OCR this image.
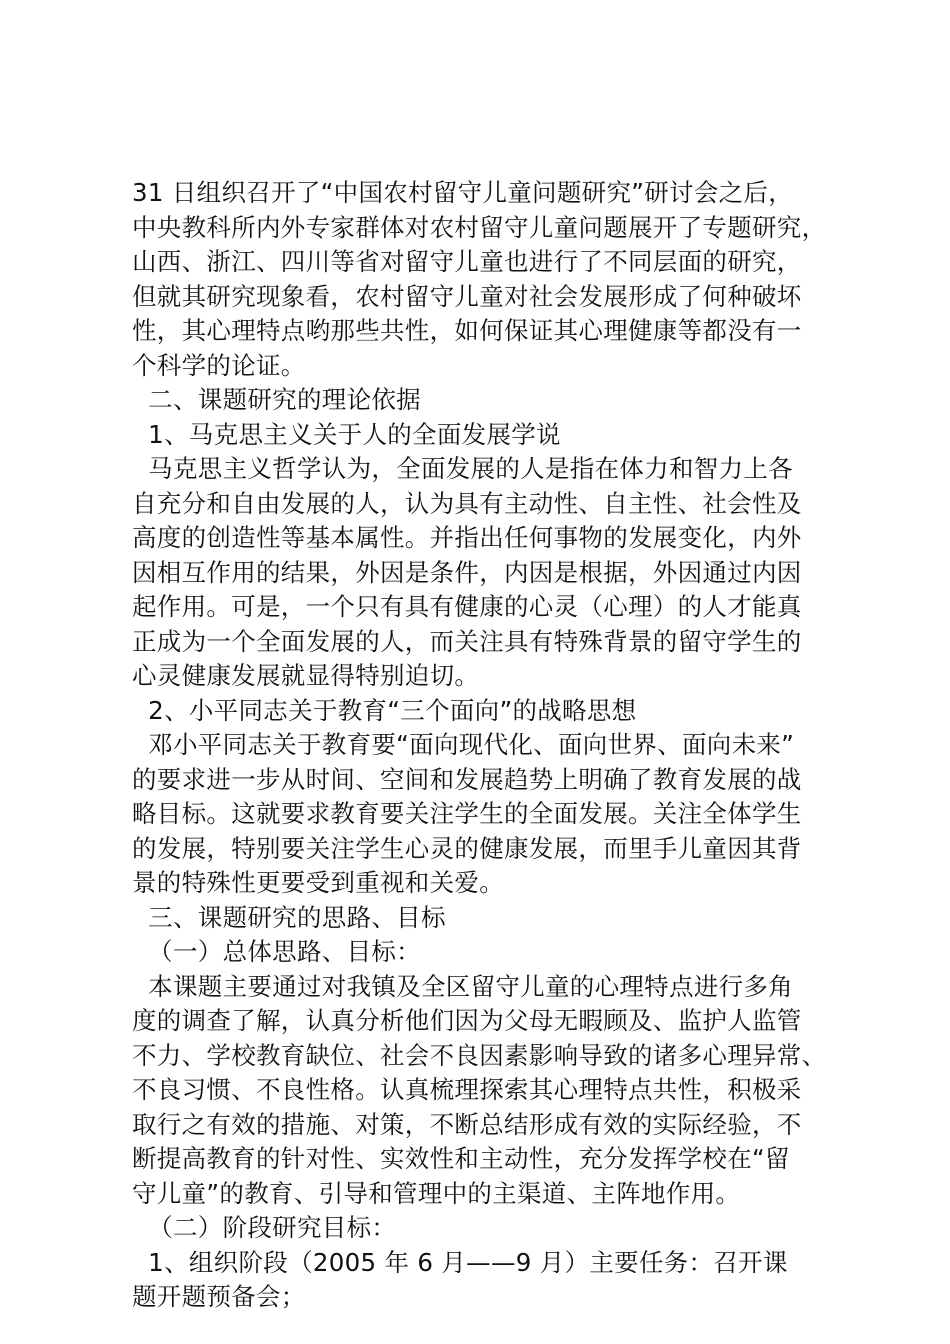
31 日组织召开了“中国农村留守儿童问题研究”研讨会之后，
中央教科所内外专家群体对农村留守儿童问题展开了专题研究，
山西、浙江、四川等省对留守儿童也进行了不同层面的研究，
但就其研究现象看，农村留守儿童对社会发展形成了何种破坏
性，其心理特点哟那些共性，如何保证其心理健康等都没有一
个科学的论证。
二、课题研究的理论依据
1、马克思主义关于人的全面发展学说
马克思主义哲学认为，全面发展的人是指在体力和智力上各
自充分和自由发展的人，认为具有主动性、自主性、社会性及
高度的创造性等基本属性。并指出任何事物的发展变化，内外
因相互作用的结果，外因是条件，内因是根据，外因通过内因
起作用。可是，一个只有具有健康的心灵（心理）的人才能真
正成为一个全面发展的人，而关注具有特殊背景的留守学生的
心灵健康发展就显得特别迫切。
2、小平同志关于教育“三个面向”的战略思想
邓小平同志关于教育要“面向现代化、面向世界、面向未来”
的要求进一步从时间、空间和发展趋势上明确了教育发展的战
略目标。这就要求教育要关注学生的全面发展。关注全体学生
的发展，特别要关注学生心灵的健康发展，而里手儿童因其背
景的特殊性更要受到重视和关爱。
三、课题研究的思路、目标
（一）总体思路、目标：
本课题主要通过对我镇及全区留守儿童的心理特点进行多角
度的调查了解，认真分析他们因为父母无暇顾及、监护人监管
不力、学校教育缺位、社会不良因素影响导致的诸多心理异常、
不良习惯、不良性格。认真梳理探索其心理特点共性，积极采
取行之有效的措施、对策，不断总结形成有效的实际经验，不
断提高教育的针对性、实效性和主动性，充分发挥学校在“留
守儿童”的教育、引导和管理中的主渠道、主阵地作用。
（二）阶段研究目标：
1、组织阶段（2005 年 6 月——9 月）主要任务：召开课
题开题预备会；
